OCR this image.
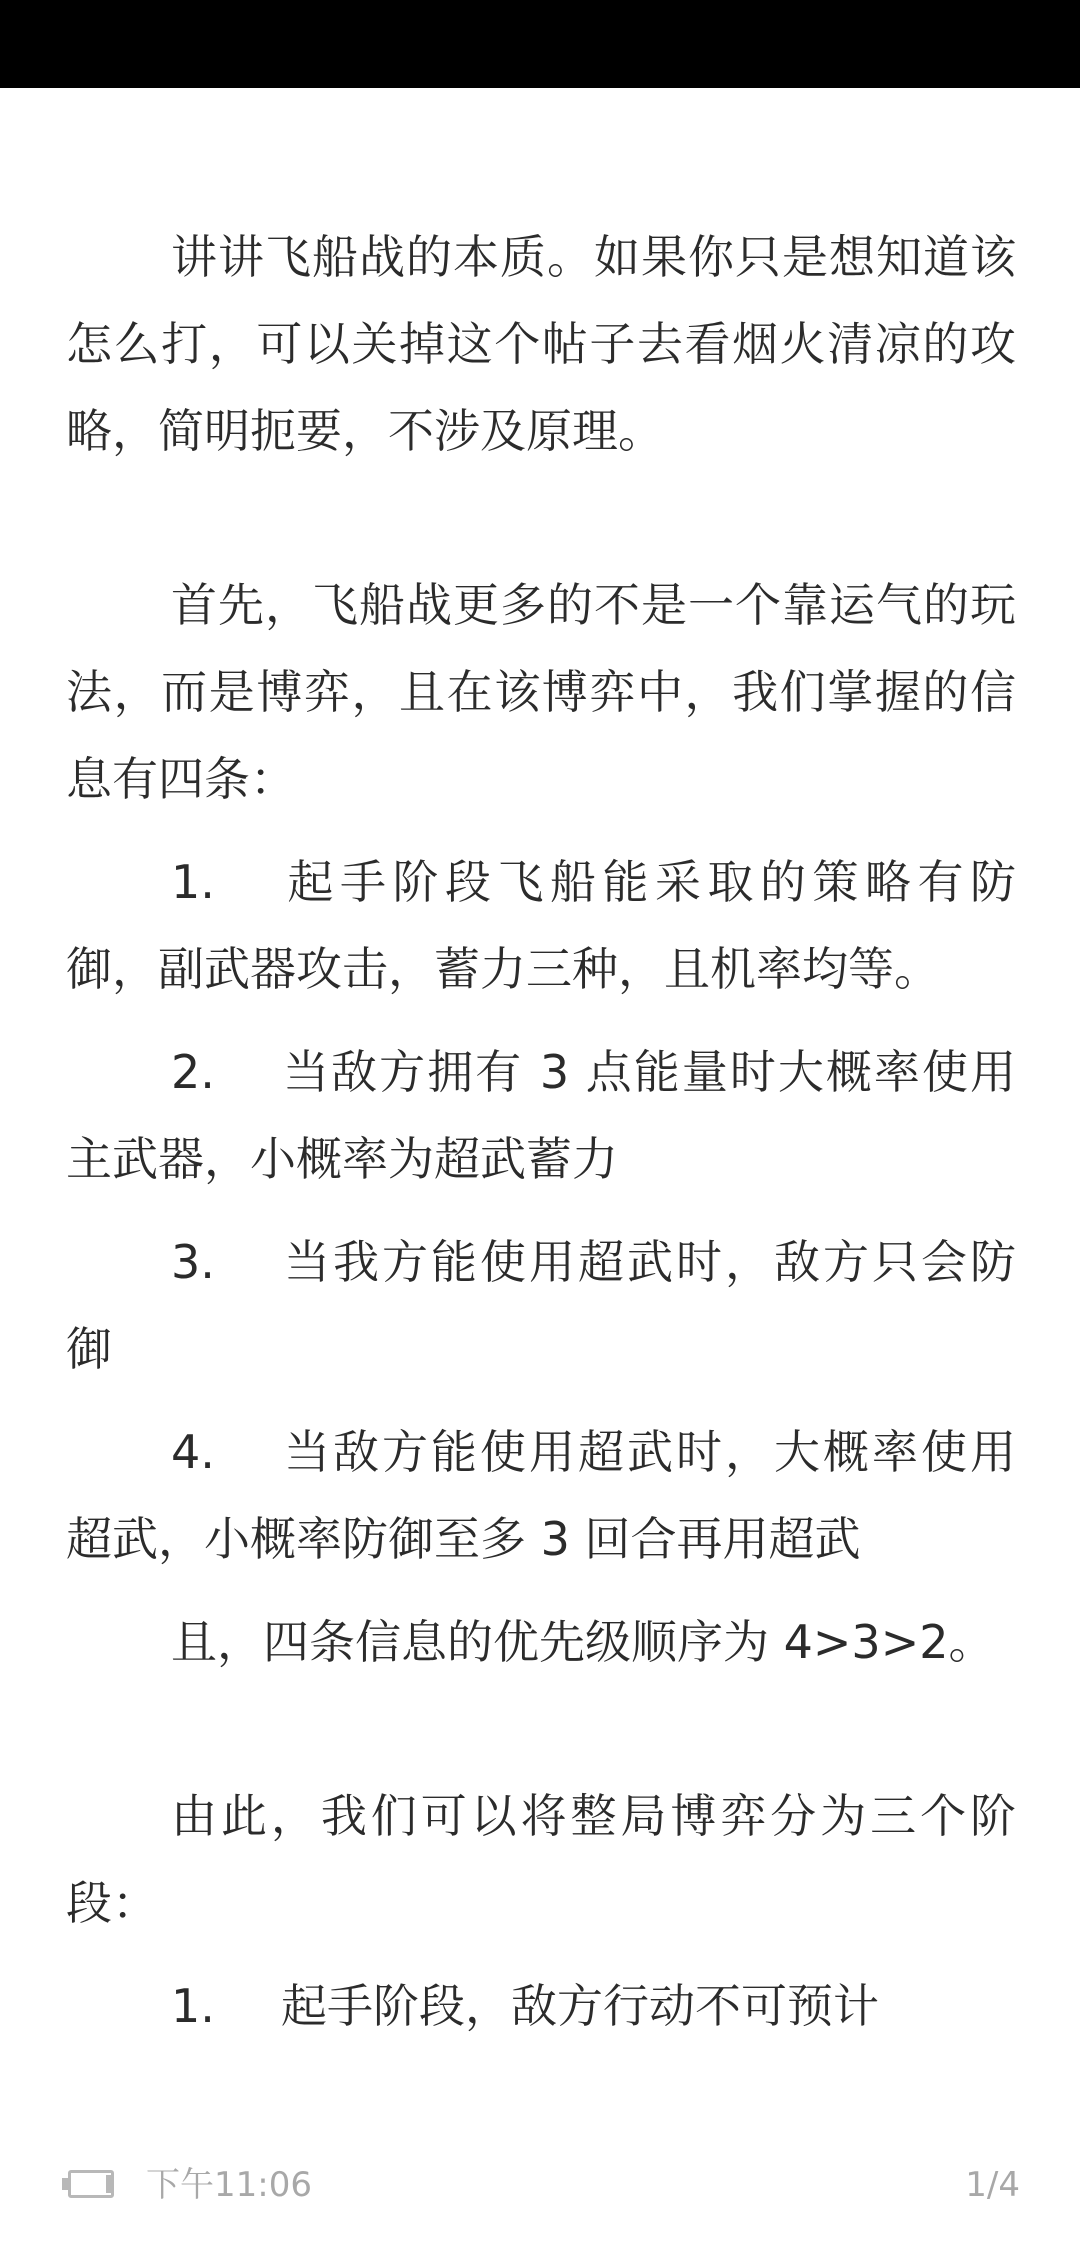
讲讲飞船战的本质。如果你只是想知道该怎么打，可以关掉这个帖子去看烟火清凉的攻略，简明扼要，不涉及原理。

首先，飞船战更多的不是一个靠运气的玩法，而是博弈，且在该博弈中，我们掌握的信息有四条：

1. 起手阶段飞船能采取的策略有防御，副武器攻击，蓄力三种，且机率均等。

2. 当敌方拥有 3 点能量时大概率使用主武器，小概率为超武蓄力

3. 当我方能使用超武时，敌方只会防御

4. 当敌方能使用超武时，大概率使用超武，小概率防御至多 3 回合再用超武

且，四条信息的优先级顺序为 4>3>2。

由此，我们可以将整局博弈分为三个阶段：

1. 起手阶段，敌方行动不可预计

下午11:06	1/4
